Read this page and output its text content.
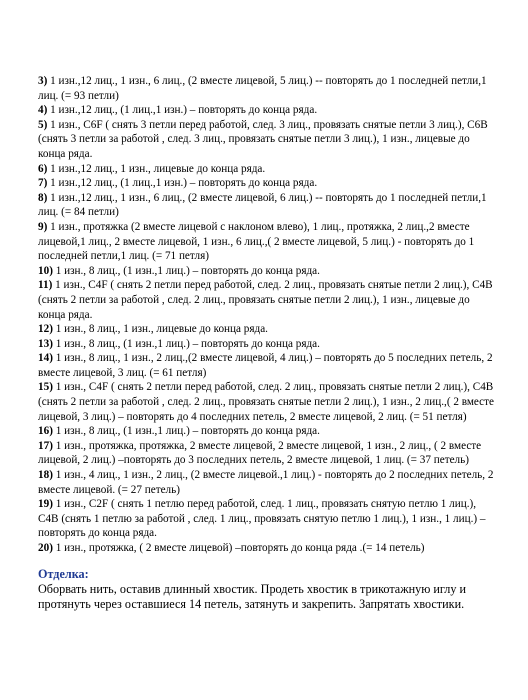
3) 1 изн.,12 лиц., 1 изн., 6 лиц., (2 вместе лицевой, 5 лиц.) -- повторять до 1 последней петли,1 лиц. (= 93 петли)

4) 1 изн.,12 лиц., (1 лиц.,1 изн.) – повторять до конца ряда.

5) 1 изн., C6F ( снять 3 петли перед работой, след. 3 лиц., провязать снятые петли 3 лиц.), C6B (снять 3 петли за работой , след. 3 лиц., провязать снятые петли 3 лиц.), 1 изн., лицевые до конца ряда.

6) 1 изн.,12 лиц., 1 изн., лицевые до конца ряда.

7) 1 изн.,12 лиц., (1 лиц.,1 изн.) – повторять до конца ряда.

8) 1 изн.,12 лиц., 1 изн., 6 лиц., (2 вместе лицевой, 6 лиц.) -- повторять до 1 последней петли,1 лиц. (= 84 петли)

9) 1 изн., протяжка (2 вместе лицевой с наклоном влево), 1 лиц., протяжка, 2 лиц.,2 вместе лицевой,1 лиц., 2 вместе лицевой, 1 изн., 6 лиц.,( 2 вместе лицевой, 5 лиц.) - повторять до 1 последней петли,1 лиц. (= 71 петля)

10) 1 изн., 8 лиц., (1 изн.,1 лиц.) – повторять до конца ряда.

11) 1 изн., C4F ( снять 2 петли перед работой, след. 2 лиц., провязать снятые петли 2 лиц.), C4B (снять 2 петли за работой , след. 2 лиц., провязать снятые петли 2 лиц.), 1 изн., лицевые до конца ряда.

12) 1 изн., 8 лиц., 1 изн., лицевые до конца ряда.

13) 1 изн., 8 лиц., (1 изн.,1 лиц.) – повторять до конца ряда.

14) 1 изн., 8 лиц., 1 изн., 2 лиц.,(2 вместе лицевой, 4 лиц.) – повторять до 5 последних петель, 2 вместе лицевой, 3 лиц. (= 61 петля)

15) 1 изн., C4F ( снять 2 петли перед работой, след. 2 лиц., провязать снятые петли 2 лиц.), C4B (снять 2 петли за работой , след. 2 лиц., провязать снятые петли 2 лиц.), 1 изн., 2 лиц.,( 2 вместе лицевой, 3 лиц.) – повторять до 4 последних петель, 2 вместе лицевой, 2 лиц. (= 51 петля)

16) 1 изн., 8 лиц., (1 изн.,1 лиц.) – повторять до конца ряда.

17) 1 изн., протяжка, протяжка, 2 вместе лицевой, 2 вместе лицевой, 1 изн., 2 лиц., ( 2 вместе лицевой, 2 лиц.) –повторять до 3 последних петель, 2 вместе лицевой, 1 лиц. (= 37 петель)

18) 1 изн., 4 лиц., 1 изн., 2 лиц., (2 вместе лицевой.,1 лиц.) - повторять до 2 последних петель, 2 вместе лицевой. (= 27 петель)

19) 1 изн., C2F ( снять 1 петлю перед работой, след. 1 лиц., провязать снятую петлю 1 лиц.), C4B (снять 1 петлю за работой , след. 1 лиц., провязать снятую петлю 1 лиц.), 1 изн., 1 лиц.) – повторять до конца ряда.

20) 1 изн., протяжка, ( 2 вместе лицевой) –повторять до конца ряда .(= 14 петель)

Отделка:

Оборвать нить, оставив длинный хвостик. Продеть хвостик в трикотажную иглу и протянуть через оставшиеся 14 петель, затянуть и закрепить. Запрятать хвостики.
